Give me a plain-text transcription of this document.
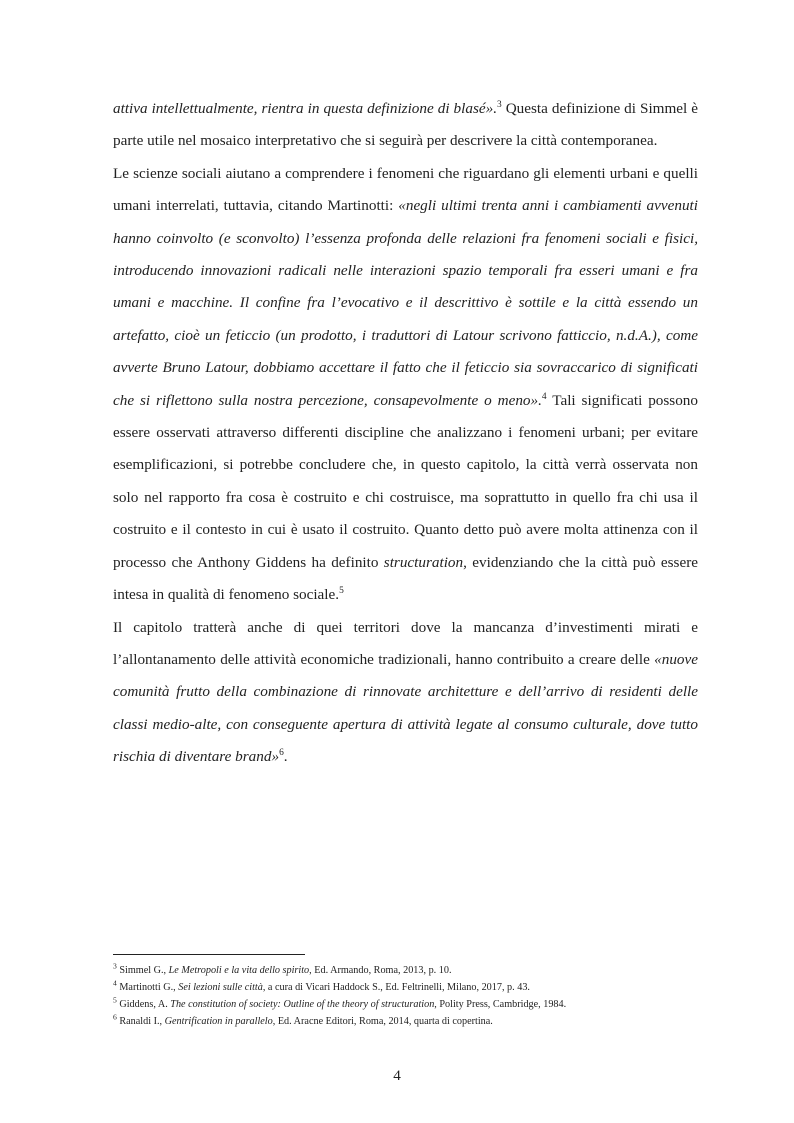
attiva intellettualmente, rientra in questa definizione di blasé».$^3$ Questa definizione di Simmel è parte utile nel mosaico interpretativo che si seguirà per descrivere la città contemporanea.

Le scienze sociali aiutano a comprendere i fenomeni che riguardano gli elementi urbani e quelli umani interrelati, tuttavia, citando Martinotti: «negli ultimi trenta anni i cambiamenti avvenuti hanno coinvolto (e sconvolto) l’essenza profonda delle relazioni fra fenomeni sociali e fisici, introducendo innovazioni radicali nelle interazioni spazio temporali fra esseri umani e fra umani e macchine. Il confine fra l’evocativo e il descrittivo è sottile e la città essendo un artefatto, cioè un feticcio (un prodotto, i traduttori di Latour scrivono fatticcio, n.d.A.), come avverte Bruno Latour, dobbiamo accettare il fatto che il feticcio sia sovraccarico di significati che si riflettono sulla nostra percezione, consapevolmente o meno».$^4$ Tali significati possono essere osservati attraverso differenti discipline che analizzano i fenomeni urbani; per evitare esemplificazioni, si potrebbe concludere che, in questo capitolo, la città verrà osservata non solo nel rapporto fra cosa è costruito e chi costruisce, ma soprattutto in quello fra chi usa il costruito e il contesto in cui è usato il costruito. Quanto detto può avere molta attinenza con il processo che Anthony Giddens ha definito structuration, evidenziando che la città può essere intesa in qualità di fenomeno sociale.$^5$

Il capitolo tratterà anche di quei territori dove la mancanza d’investimenti mirati e l’allontanamento delle attività economiche tradizionali, hanno contribuito a creare delle «nuove comunità frutto della combinazione di rinnovate architetture e dell’arrivo di residenti delle classi medio-alte, con conseguente apertura di attività legate al consumo culturale, dove tutto rischia di diventare brand»$^6$.

$^3$ Simmel G., Le Metropoli e la vita dello spirito, Ed. Armando, Roma, 2013, p. 10.
$^4$ Martinotti G., Sei lezioni sulle città, a cura di Vicari Haddock S., Ed. Feltrinelli, Milano, 2017, p. 43.
$^5$ Giddens, A. The constitution of society: Outline of the theory of structuration, Polity Press, Cambridge, 1984.
$^6$ Ranaldi I., Gentrification in parallelo, Ed. Aracne Editori, Roma, 2014, quarta di copertina.
4
